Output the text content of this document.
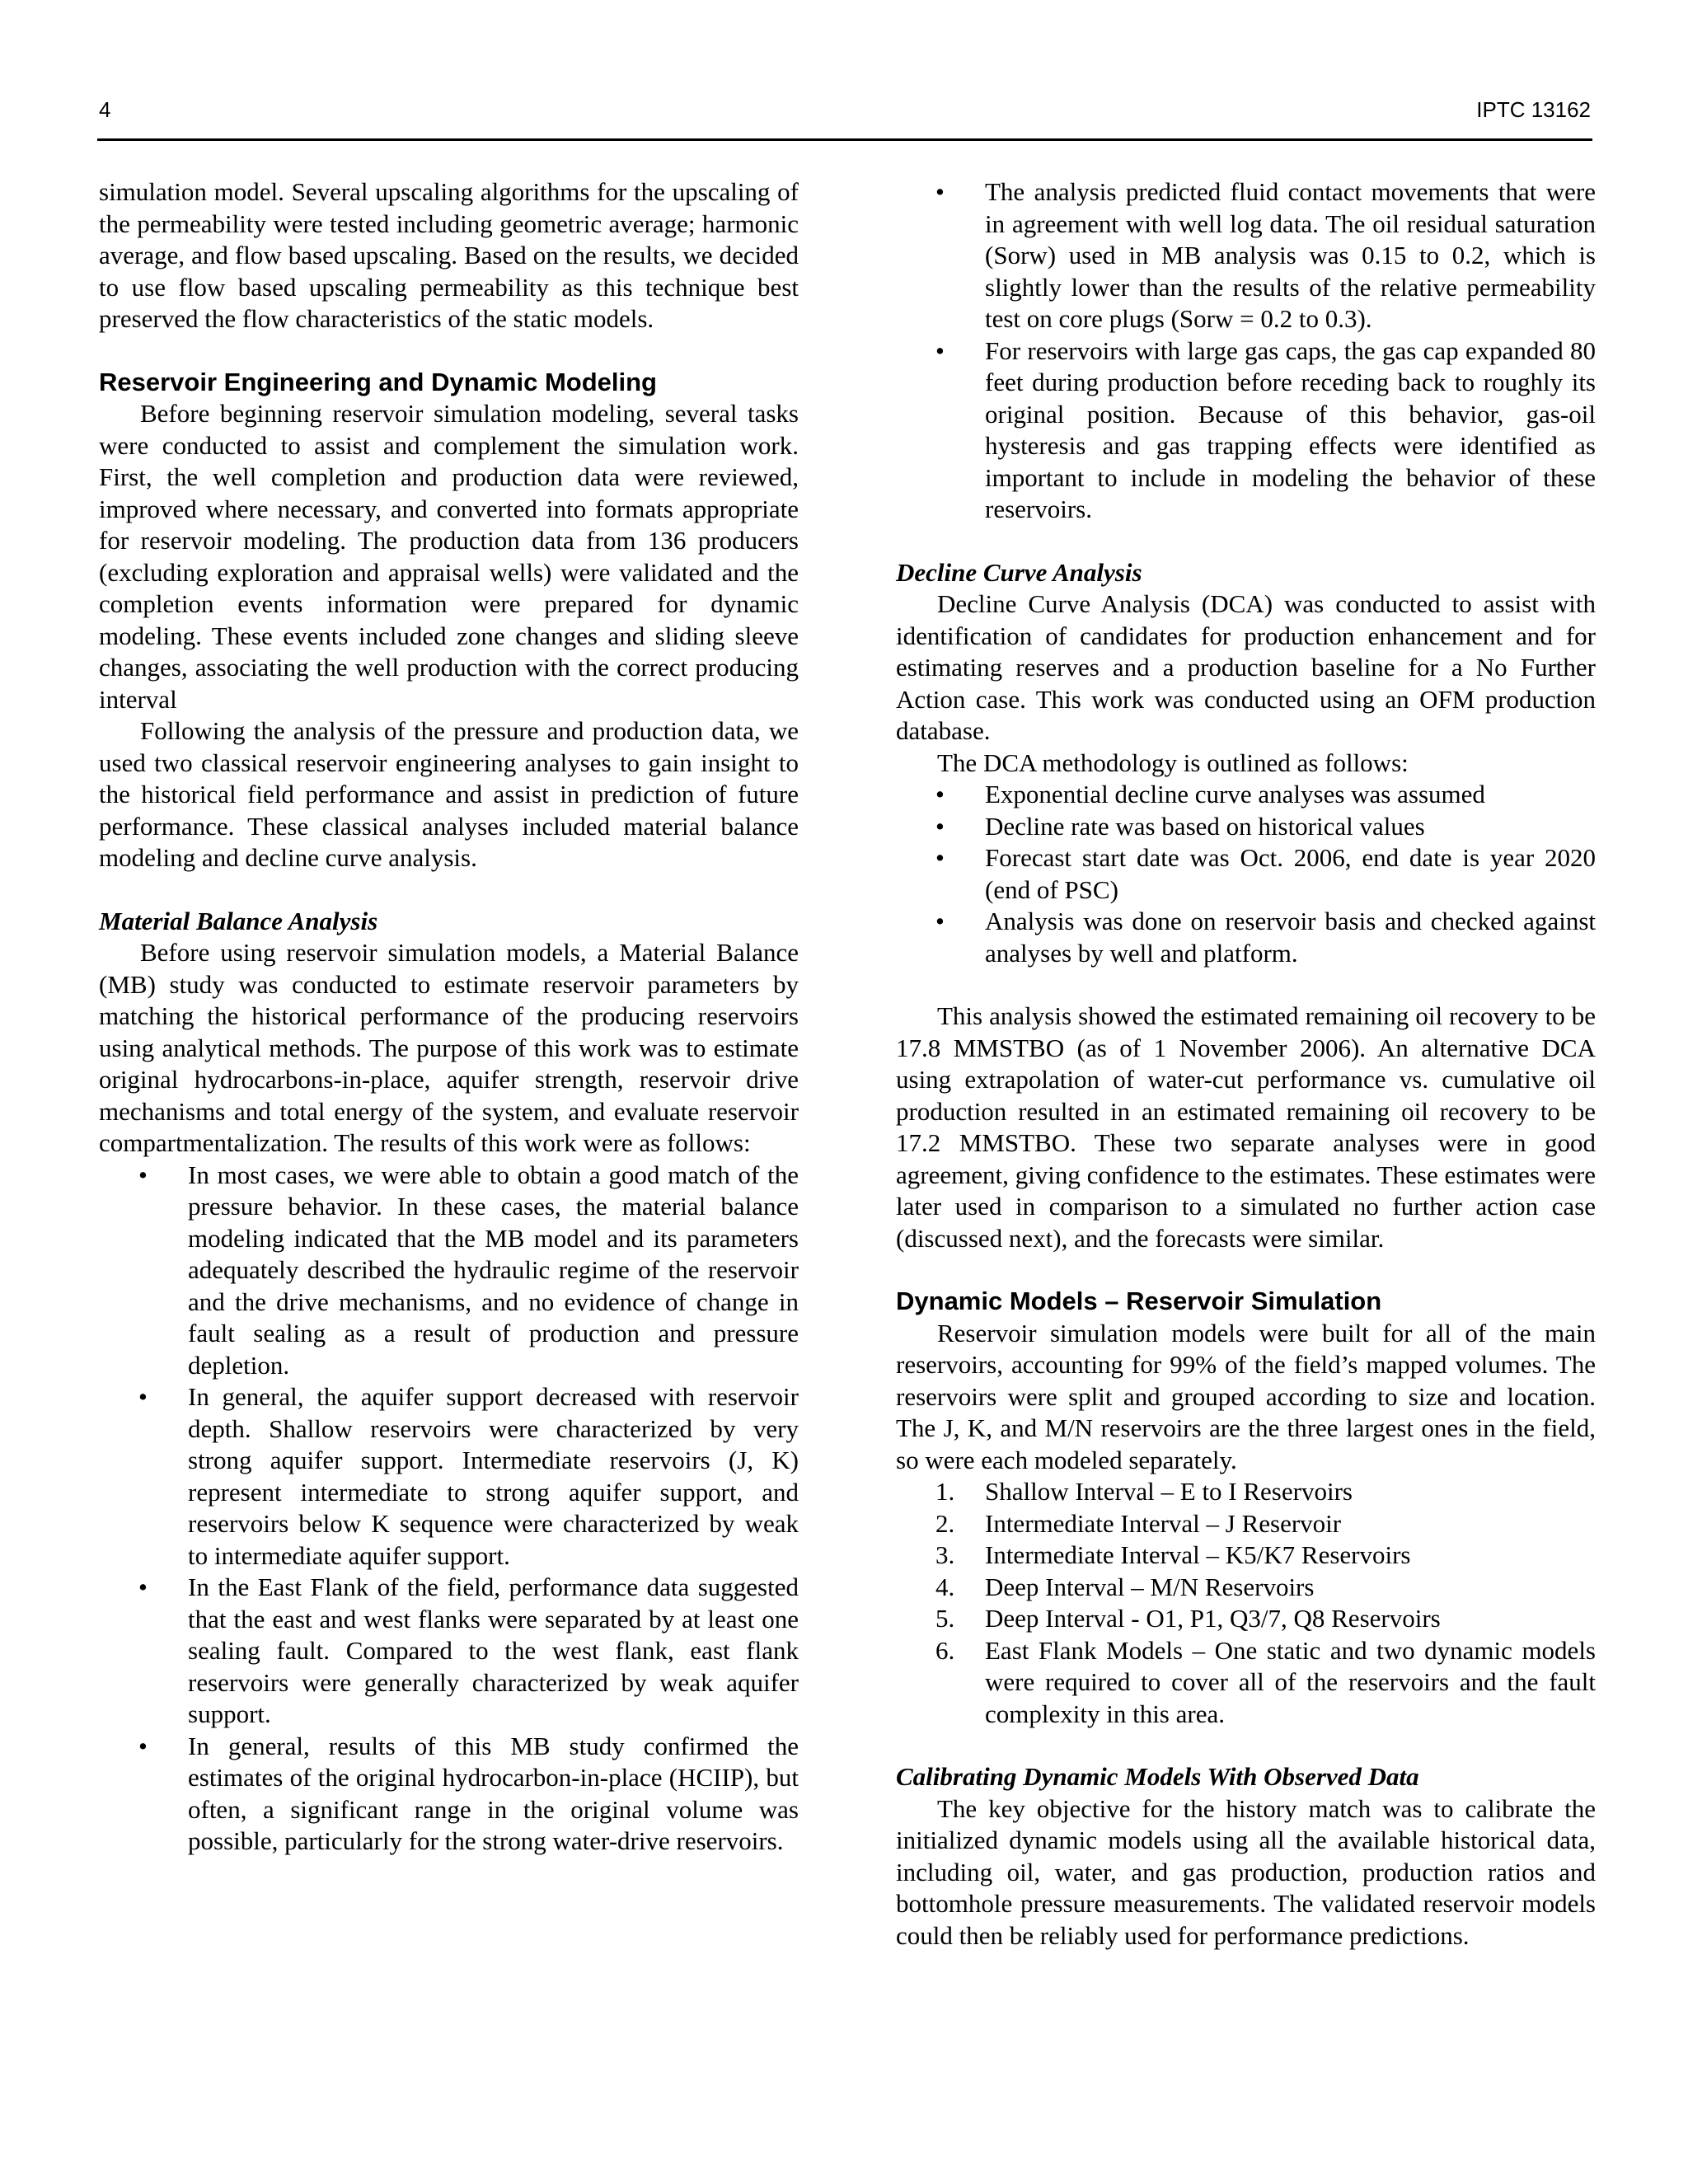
4	IPTC 13162

simulation model. Several upscaling algorithms for the upscaling of the permeability were tested including geometric average; harmonic average, and flow based upscaling. Based on the results, we decided to use flow based upscaling permeability as this technique best preserved the flow characteristics of the static models.

Reservoir Engineering and Dynamic Modeling

Before beginning reservoir simulation modeling, several tasks were conducted to assist and complement the simulation work. First, the well completion and production data were reviewed, improved where necessary, and converted into formats appropriate for reservoir modeling. The production data from 136 producers (excluding exploration and appraisal wells) were validated and the completion events information were prepared for dynamic modeling. These events included zone changes and sliding sleeve changes, associating the well production with the correct producing interval

Following the analysis of the pressure and production data, we used two classical reservoir engineering analyses to gain insight to the historical field performance and assist in prediction of future performance. These classical analyses included material balance modeling and decline curve analysis.

Material Balance Analysis

Before using reservoir simulation models, a Material Balance (MB) study was conducted to estimate reservoir parameters by matching the historical performance of the producing reservoirs using analytical methods. The purpose of this work was to estimate original hydrocarbons-in-place, aquifer strength, reservoir drive mechanisms and total energy of the system, and evaluate reservoir compartmentalization. The results of this work were as follows:

• In most cases, we were able to obtain a good match of the pressure behavior. In these cases, the material balance modeling indicated that the MB model and its parameters adequately described the hydraulic regime of the reservoir and the drive mechanisms, and no evidence of change in fault sealing as a result of production and pressure depletion.
• In general, the aquifer support decreased with reservoir depth. Shallow reservoirs were characterized by very strong aquifer support. Intermediate reservoirs (J, K) represent intermediate to strong aquifer support, and reservoirs below K sequence were characterized by weak to intermediate aquifer support.
• In the East Flank of the field, performance data suggested that the east and west flanks were separated by at least one sealing fault. Compared to the west flank, east flank reservoirs were generally characterized by weak aquifer support.
• In general, results of this MB study confirmed the estimates of the original hydrocarbon-in-place (HCIIP), but often, a significant range in the original volume was possible, particularly for the strong water-drive reservoirs.
• The analysis predicted fluid contact movements that were in agreement with well log data. The oil residual saturation (Sorw) used in MB analysis was 0.15 to 0.2, which is slightly lower than the results of the relative permeability test on core plugs (Sorw = 0.2 to 0.3).
• For reservoirs with large gas caps, the gas cap expanded 80 feet during production before receding back to roughly its original position. Because of this behavior, gas-oil hysteresis and gas trapping effects were identified as important to include in modeling the behavior of these reservoirs.
Decline Curve Analysis

Decline Curve Analysis (DCA) was conducted to assist with identification of candidates for production enhancement and for estimating reserves and a production baseline for a No Further Action case. This work was conducted using an OFM production database.

The DCA methodology is outlined as follows:

• Exponential decline curve analyses was assumed
• Decline rate was based on historical values
• Forecast start date was Oct. 2006, end date is year 2020 (end of PSC)
• Analysis was done on reservoir basis and checked against analyses by well and platform.

This analysis showed the estimated remaining oil recovery to be 17.8 MMSTBO (as of 1 November 2006). An alternative DCA using extrapolation of water-cut performance vs. cumulative oil production resulted in an estimated remaining oil recovery to be 17.2 MMSTBO. These two separate analyses were in good agreement, giving confidence to the estimates. These estimates were later used in comparison to a simulated no further action case (discussed next), and the forecasts were similar.

Dynamic Models – Reservoir Simulation

Reservoir simulation models were built for all of the main reservoirs, accounting for 99% of the field’s mapped volumes. The reservoirs were split and grouped according to size and location. The J, K, and M/N reservoirs are the three largest ones in the field, so were each modeled separately.

1. Shallow Interval – E to I Reservoirs
2. Intermediate Interval – J Reservoir
3. Intermediate Interval – K5/K7 Reservoirs
4. Deep Interval – M/N Reservoirs
5. Deep Interval - O1, P1, Q3/7, Q8 Reservoirs
6. East Flank Models – One static and two dynamic models were required to cover all of the reservoirs and the fault complexity in this area.
Calibrating Dynamic Models With Observed Data

The key objective for the history match was to calibrate the initialized dynamic models using all the available historical data, including oil, water, and gas production, production ratios and bottomhole pressure measurements. The validated reservoir models could then be reliably used for performance predictions.
